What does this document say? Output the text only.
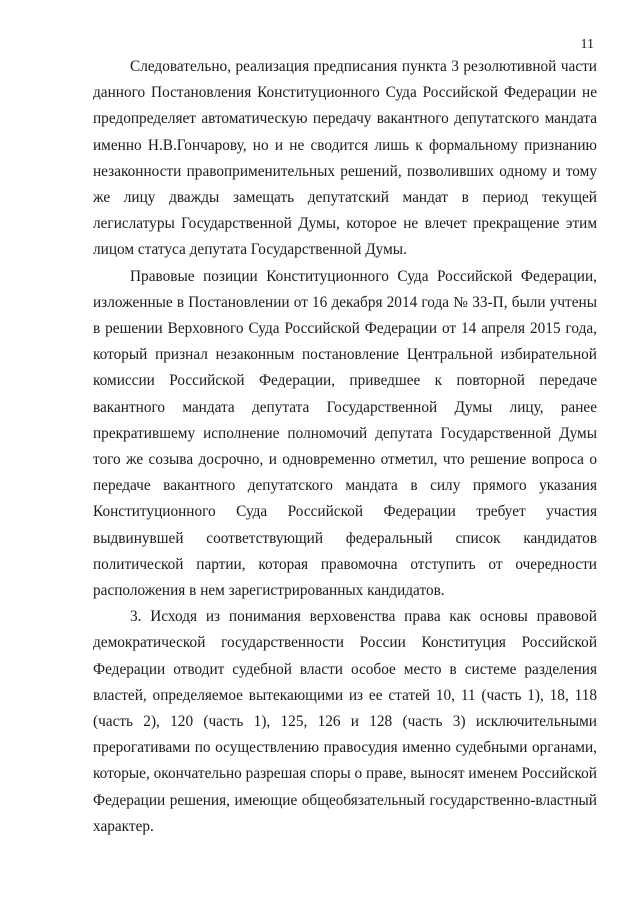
11
Следовательно, реализация предписания пункта 3 резолютивной части
данного Постановления Конституционного Суда Российской Федерации не
предопределяет автоматическую передачу вакантного депутатского мандата
именно Н.В.Гончарову, но и не сводится лишь к формальному признанию
незаконности правоприменительных решений, позволивших одному и тому
же лицу дважды замещать депутатский мандат в период текущей
легислатуры Государственной Думы, которое не влечет прекращение этим
лицом статуса депутата Государственной Думы.
Правовые позиции Конституционного Суда Российской Федерации,
изложенные в Постановлении от 16 декабря 2014 года № 33-П, были учтены
в решении Верховного Суда Российской Федерации от 14 апреля 2015 года,
который признал незаконным постановление Центральной избирательной
комиссии Российской Федерации, приведшее к повторной передаче
вакантного мандата депутата Государственной Думы лицу, ранее
прекратившему исполнение полномочий депутата Государственной Думы
того же созыва досрочно, и одновременно отметил, что решение вопроса о
передаче вакантного депутатского мандата в силу прямого указания
Конституционного Суда Российской Федерации требует участия
выдвинувшей соответствующий федеральный список кандидатов
политической партии, которая правомочна отступить от очередности
расположения в нем зарегистрированных кандидатов.
3. Исходя из понимания верховенства права как основы правовой
демократической государственности России Конституция Российской
Федерации отводит судебной власти особое место в системе разделения
властей, определяемое вытекающими из ее статей 10, 11 (часть 1), 18, 118
(часть 2), 120 (часть 1), 125, 126 и 128 (часть 3) исключительными
прерогативами по осуществлению правосудия именно судебными органами,
которые, окончательно разрешая споры о праве, выносят именем Российской
Федерации решения, имеющие общеобязательный государственно-властный
характер.
